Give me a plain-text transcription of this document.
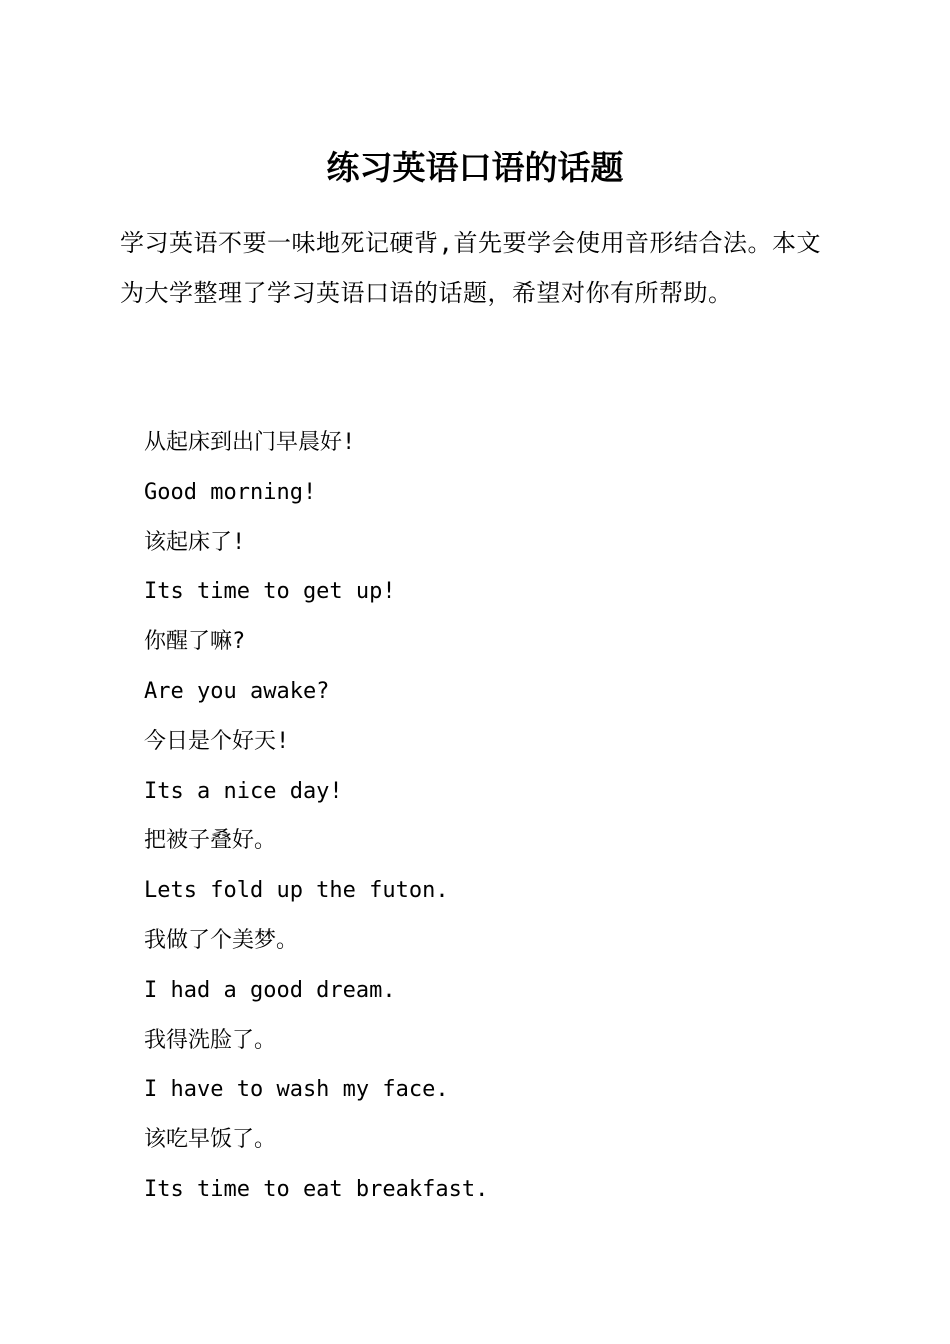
练习英语口语的话题

学习英语不要一味地死记硬背,首先要学会使用音形结合法。本文为大学整理了学习英语口语的话题，希望对你有所帮助。

从起床到出门早晨好!
Good morning!
该起床了!
Its time to get up!
你醒了嘛?
Are you awake?
今日是个好天!
Its a nice day!
把被子叠好。
Lets fold up the futon.
我做了个美梦。
I had a good dream.
我得洗脸了。
I have to wash my face.
该吃早饭了。
Its time to eat breakfast.
